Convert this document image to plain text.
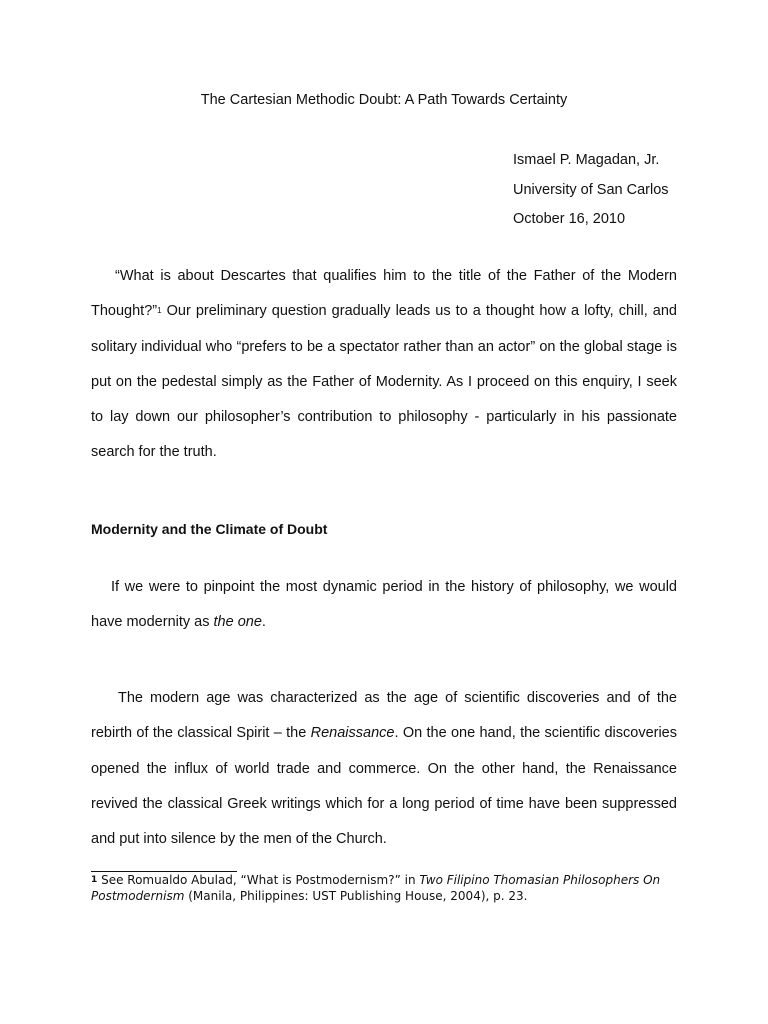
The Cartesian Methodic Doubt: A Path Towards Certainty
Ismael P. Magadan, Jr.
University of San Carlos
October 16, 2010

“What is about Descartes that qualifies him to the title of the Father of the Modern Thought?”$^1$ Our preliminary question gradually leads us to a thought how a lofty, chill, and solitary individual who “prefers to be a spectator rather than an actor” on the global stage is put on the pedestal simply as the Father of Modernity. As I proceed on this enquiry, I seek to lay down our philosopher’s contribution to philosophy - particularly in his passionate search for the truth.

Modernity and the Climate of Doubt

If we were to pinpoint the most dynamic period in the history of philosophy, we would have modernity as the one.

The modern age was characterized as the age of scientific discoveries and of the rebirth of the classical Spirit – the Renaissance. On the one hand, the scientific discoveries opened the influx of world trade and commerce. On the other hand, the Renaissance revived the classical Greek writings which for a long period of time have been suppressed and put into silence by the men of the Church.

$^1$ See Romualdo Abulad, “What is Postmodernism?” in Two Filipino Thomasian Philosophers On Postmodernism (Manila, Philippines: UST Publishing House, 2004), p. 23.
